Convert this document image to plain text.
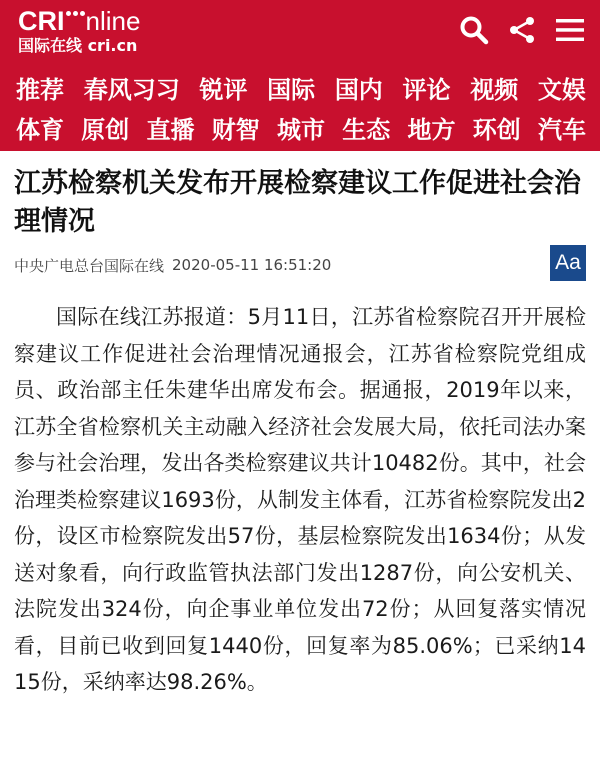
CRI nline
国际在线 cri.cn
推荐 春风习习 锐评 国际 国内 评论 视频 文娱
体育 原创 直播 财智 城市 生态 地方 环创 汽车
江苏检察机关发布开展检察建议工作促进社会治理情况
中央广电总台国际在线 2020-05-11 16:51:20	Aa

国际在线江苏报道：5月11日，江苏省检察院召开开展检察建议工作促进社会治理情况通报会，江苏省检察院党组成员、政治部主任朱建华出席发布会。据通报，2019年以来，江苏全省检察机关主动融入经济社会发展大局，依托司法办案参与社会治理，发出各类检察建议共计10482份。其中，社会治理类检察建议1693份，从制发主体看，江苏省检察院发出2份，设区市检察院发出57份，基层检察院发出1634份；从发送对象看，向行政监管执法部门发出1287份，向公安机关、法院发出324份，向企事业单位发出72份；从回复落实情况看，目前已收到回复1440份，回复率为85.06%；已采纳1415份，采纳率达98.26%。
